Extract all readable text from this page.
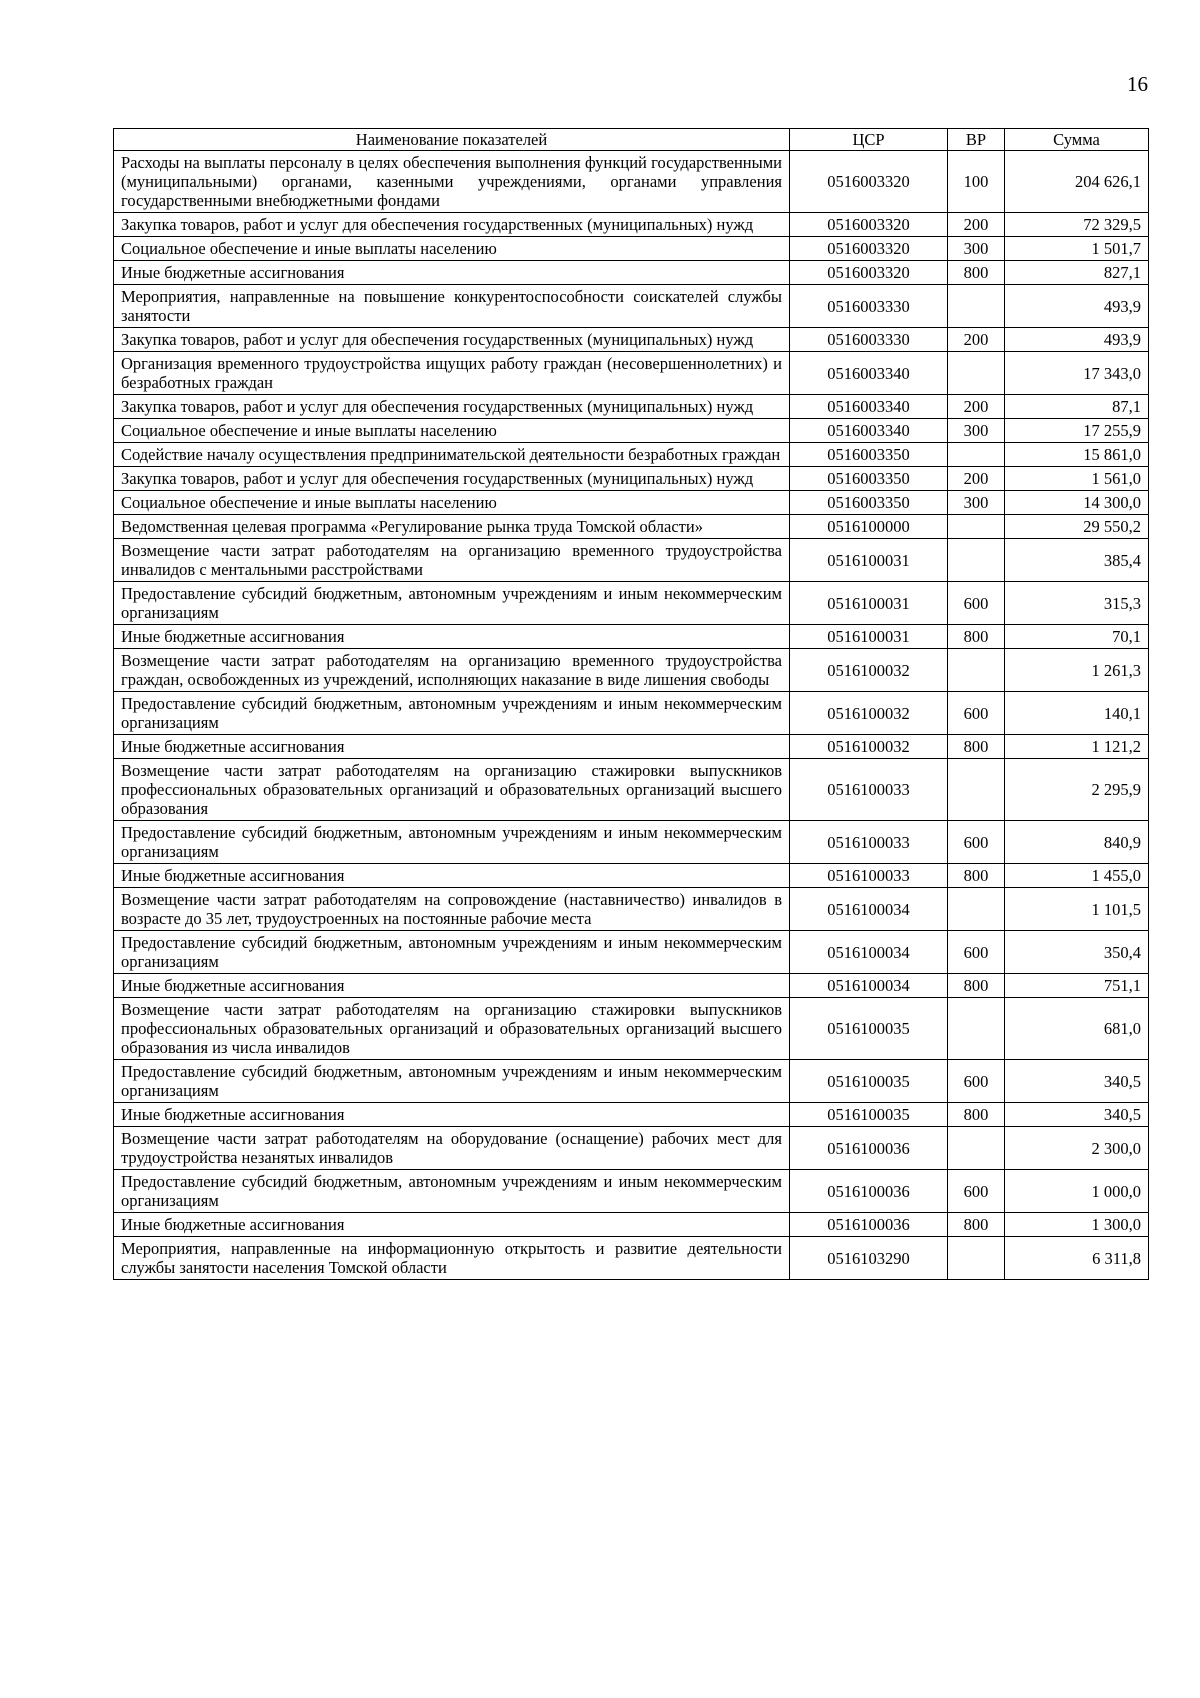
16
Наименование показателей	ЦСР	ВР	Сумма
Расходы на выплаты персоналу в целях обеспечения выполнения функций государственными (муниципальными) органами, казенными учреждениями, органами управления государственными внебюджетными фондами	0516003320	100	204 626,1
Закупка товаров, работ и услуг для обеспечения государственных (муниципальных) нужд	0516003320	200	72 329,5
Социальное обеспечение и иные выплаты населению	0516003320	300	1 501,7
Иные бюджетные ассигнования	0516003320	800	827,1
Мероприятия, направленные на повышение конкурентоспособности соискателей службы занятости	0516003330		493,9
Закупка товаров, работ и услуг для обеспечения государственных (муниципальных) нужд	0516003330	200	493,9
Организация временного трудоустройства ищущих работу граждан (несовершеннолетних) и безработных граждан	0516003340		17 343,0
Закупка товаров, работ и услуг для обеспечения государственных (муниципальных) нужд	0516003340	200	87,1
Социальное обеспечение и иные выплаты населению	0516003340	300	17 255,9
Содействие началу осуществления предпринимательской деятельности безработных граждан	0516003350		15 861,0
Закупка товаров, работ и услуг для обеспечения государственных (муниципальных) нужд	0516003350	200	1 561,0
Социальное обеспечение и иные выплаты населению	0516003350	300	14 300,0
Ведомственная целевая программа «Регулирование рынка труда Томской области»	0516100000		29 550,2
Возмещение части затрат работодателям на организацию временного трудоустройства инвалидов с ментальными расстройствами	0516100031		385,4
Предоставление субсидий бюджетным, автономным учреждениям и иным некоммерческим организациям	0516100031	600	315,3
Иные бюджетные ассигнования	0516100031	800	70,1
Возмещение части затрат работодателям на организацию временного трудоустройства граждан, освобожденных из учреждений, исполняющих наказание в виде лишения свободы	0516100032		1 261,3
Предоставление субсидий бюджетным, автономным учреждениям и иным некоммерческим организациям	0516100032	600	140,1
Иные бюджетные ассигнования	0516100032	800	1 121,2
Возмещение части затрат работодателям на организацию стажировки выпускников профессиональных образовательных организаций и образовательных организаций высшего образования	0516100033		2 295,9
Предоставление субсидий бюджетным, автономным учреждениям и иным некоммерческим организациям	0516100033	600	840,9
Иные бюджетные ассигнования	0516100033	800	1 455,0
Возмещение части затрат работодателям на сопровождение (наставничество) инвалидов в возрасте до 35 лет, трудоустроенных на постоянные рабочие места	0516100034		1 101,5
Предоставление субсидий бюджетным, автономным учреждениям и иным некоммерческим организациям	0516100034	600	350,4
Иные бюджетные ассигнования	0516100034	800	751,1
Возмещение части затрат работодателям на организацию стажировки выпускников профессиональных образовательных организаций и образовательных организаций высшего образования из числа инвалидов	0516100035		681,0
Предоставление субсидий бюджетным, автономным учреждениям и иным некоммерческим организациям	0516100035	600	340,5
Иные бюджетные ассигнования	0516100035	800	340,5
Возмещение части затрат работодателям на оборудование (оснащение) рабочих мест для трудоустройства незанятых инвалидов	0516100036		2 300,0
Предоставление субсидий бюджетным, автономным учреждениям и иным некоммерческим организациям	0516100036	600	1 000,0
Иные бюджетные ассигнования	0516100036	800	1 300,0
Мероприятия, направленные на информационную открытость и развитие деятельности службы занятости населения Томской области	0516103290		6 311,8
